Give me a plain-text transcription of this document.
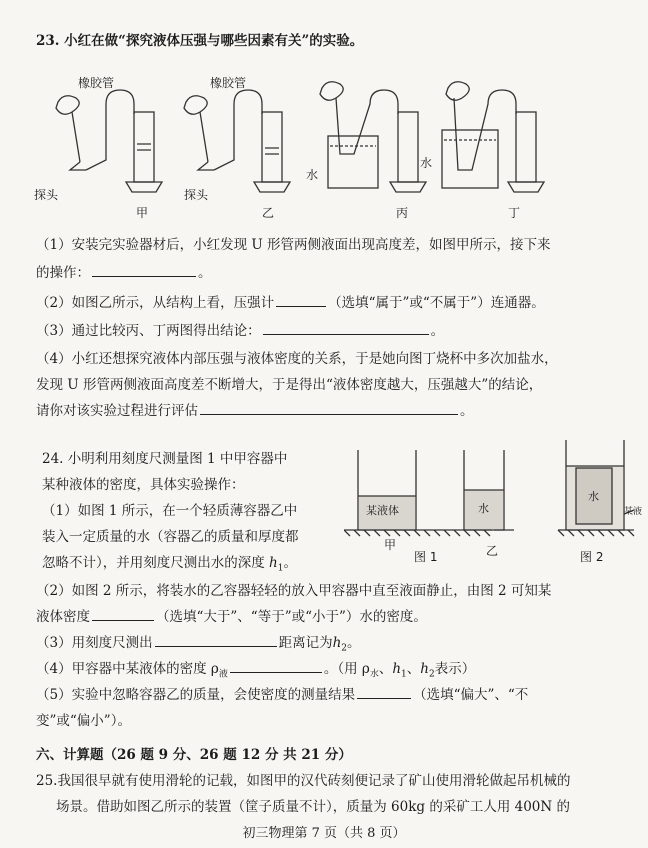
23. 小红在做“探究液体压强与哪些因素有关”的实验。
橡胶管	橡胶管
探头	探头
水
水
甲	乙	丙	丁
（1）安装完实验器材后，小红发现 U 形管两侧液面出现高度差，如图甲所示，接下来
的操作：	。
（2）如图乙所示，从结构上看，压强计	（选填“属于”或“不属于”）连通器。
（3）通过比较丙、丁两图得出结论：	。
（4）小红还想探究液体内部压强与液体密度的关系，于是她向图丁烧杯中多次加盐水，
发现 U 形管两侧液面高度差不断增大，于是得出“液体密度越大，压强越大”的结论，
请你对该实验过程进行评估	。
24. 小明利用刻度尺测量图 1 中甲容器中
某种液体的密度，具体实验操作：
（1）如图 1 所示，在一个轻质薄容器乙中
装入一定质量的水（容器乙的质量和厚度都
忽略不计），并用刻度尺测出水的深度 $h_1$。
某液体	水
水
某液
甲	乙
图 1	图 2
（2）如图 2 所示，将装水的乙容器轻轻的放入甲容器中直至液面静止，由图 2 可知某
液体密度	（选填“大于”、“等于”或“小于”）水的密度。
（3）用刻度尺测出	距离记为$h_2$。
（4）甲容器中某液体的密度 $\rho_液$	。（用 $\rho_水$、$h_1$、$h_2$表示）
（5）实验中忽略容器乙的质量，会使密度的测量结果	（选填“偏大”、“不
变”或“偏小”）。
六、计算题（26 题 9 分、26 题 12 分 共 21 分）
25.我国很早就有使用滑轮的记载，如图甲的汉代砖刻便记录了矿山使用滑轮做起吊机械的
场景。借助如图乙所示的装置（筐子质量不计），质量为 60kg 的采矿工人用 400N 的
初三物理第 7 页（共 8 页）
